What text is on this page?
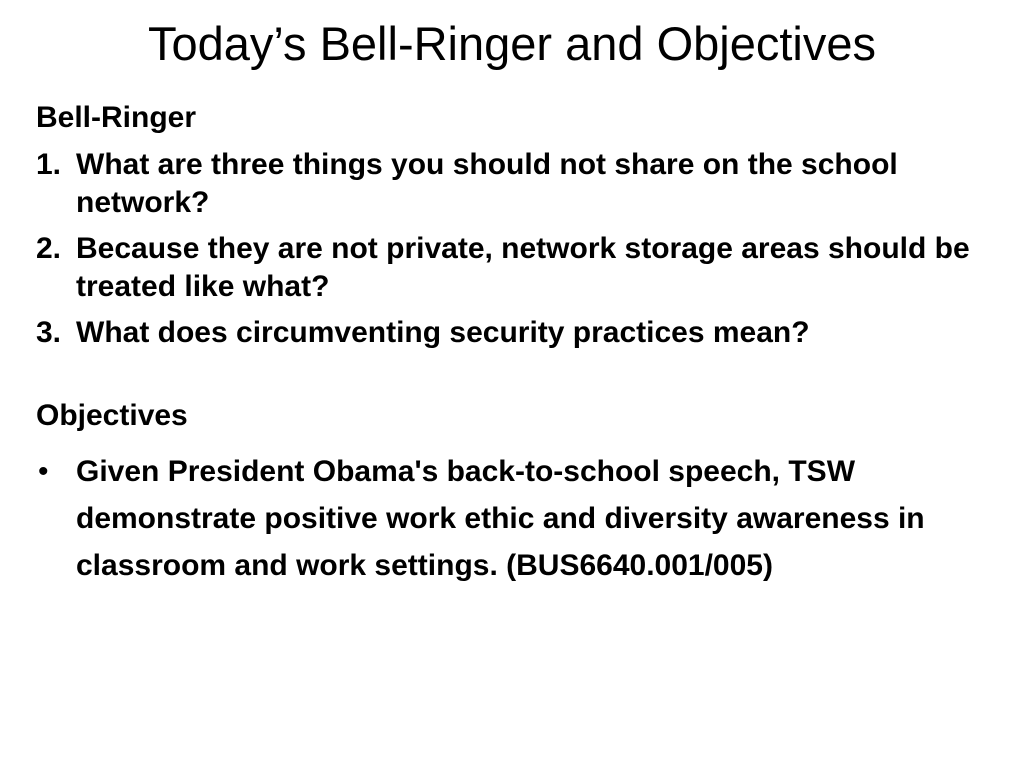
Today’s Bell-Ringer and Objectives
Bell-Ringer
1. What are three things you should not share on the school network?
2. Because they are not private, network storage areas should be treated like what?
3. What does circumventing security practices mean?
Objectives
• Given President Obama's back-to-school speech, TSW demonstrate positive work ethic and diversity awareness in classroom and work settings. (BUS6640.001/005)
